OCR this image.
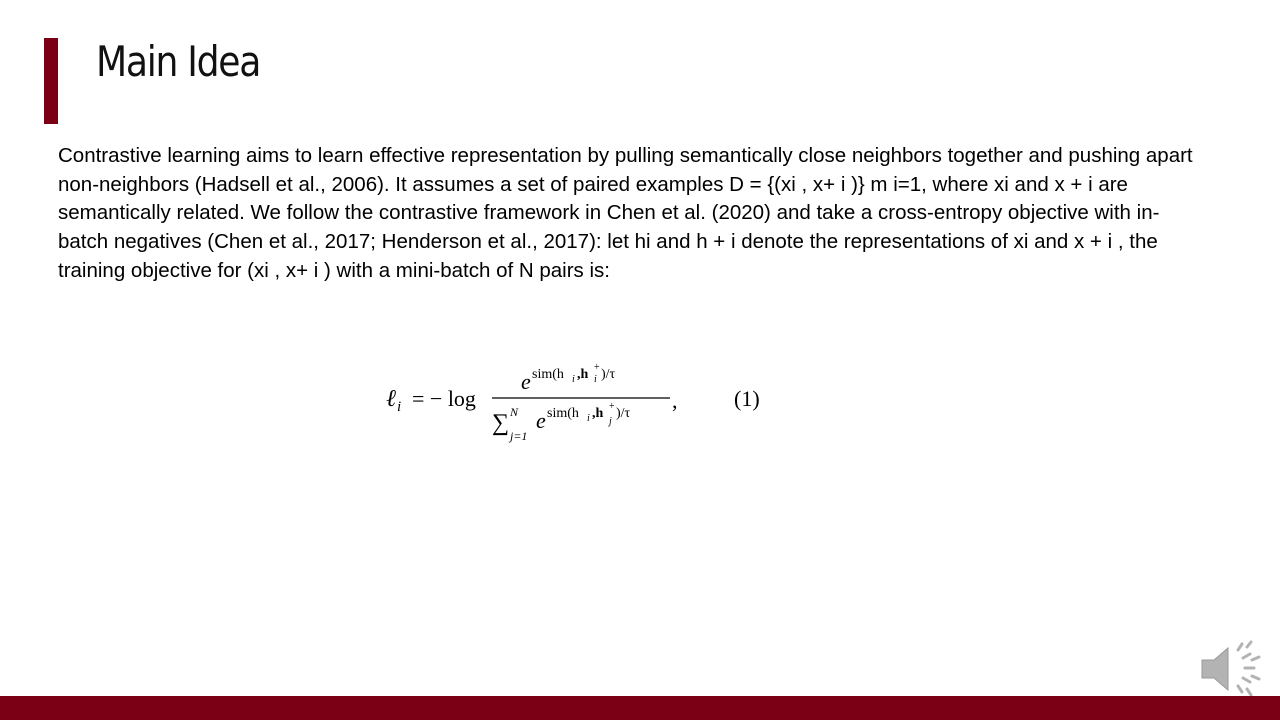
Main Idea
Contrastive learning aims to learn effective representation by pulling semantically close neighbors together and pushing apart non-neighbors (Hadsell et al., 2006). It assumes a set of paired examples D = {(xi , x+ i )} m i=1, where xi and x + i are semantically related. We follow the contrastive framework in Chen et al. (2020) and take a cross-entropy objective with in-batch negatives (Chen et al., 2017; Henderson et al., 2017): let hi and h + i denote the representations of xi and x + i , the training objective for (xi , x+ i ) with a mini-batch of N pairs is:
ℓ i = − log
e sim(h i ,h i
+ )/τ
∑ N
j=1
e sim(h i ,h
j
+ )/τ
,	(1)
